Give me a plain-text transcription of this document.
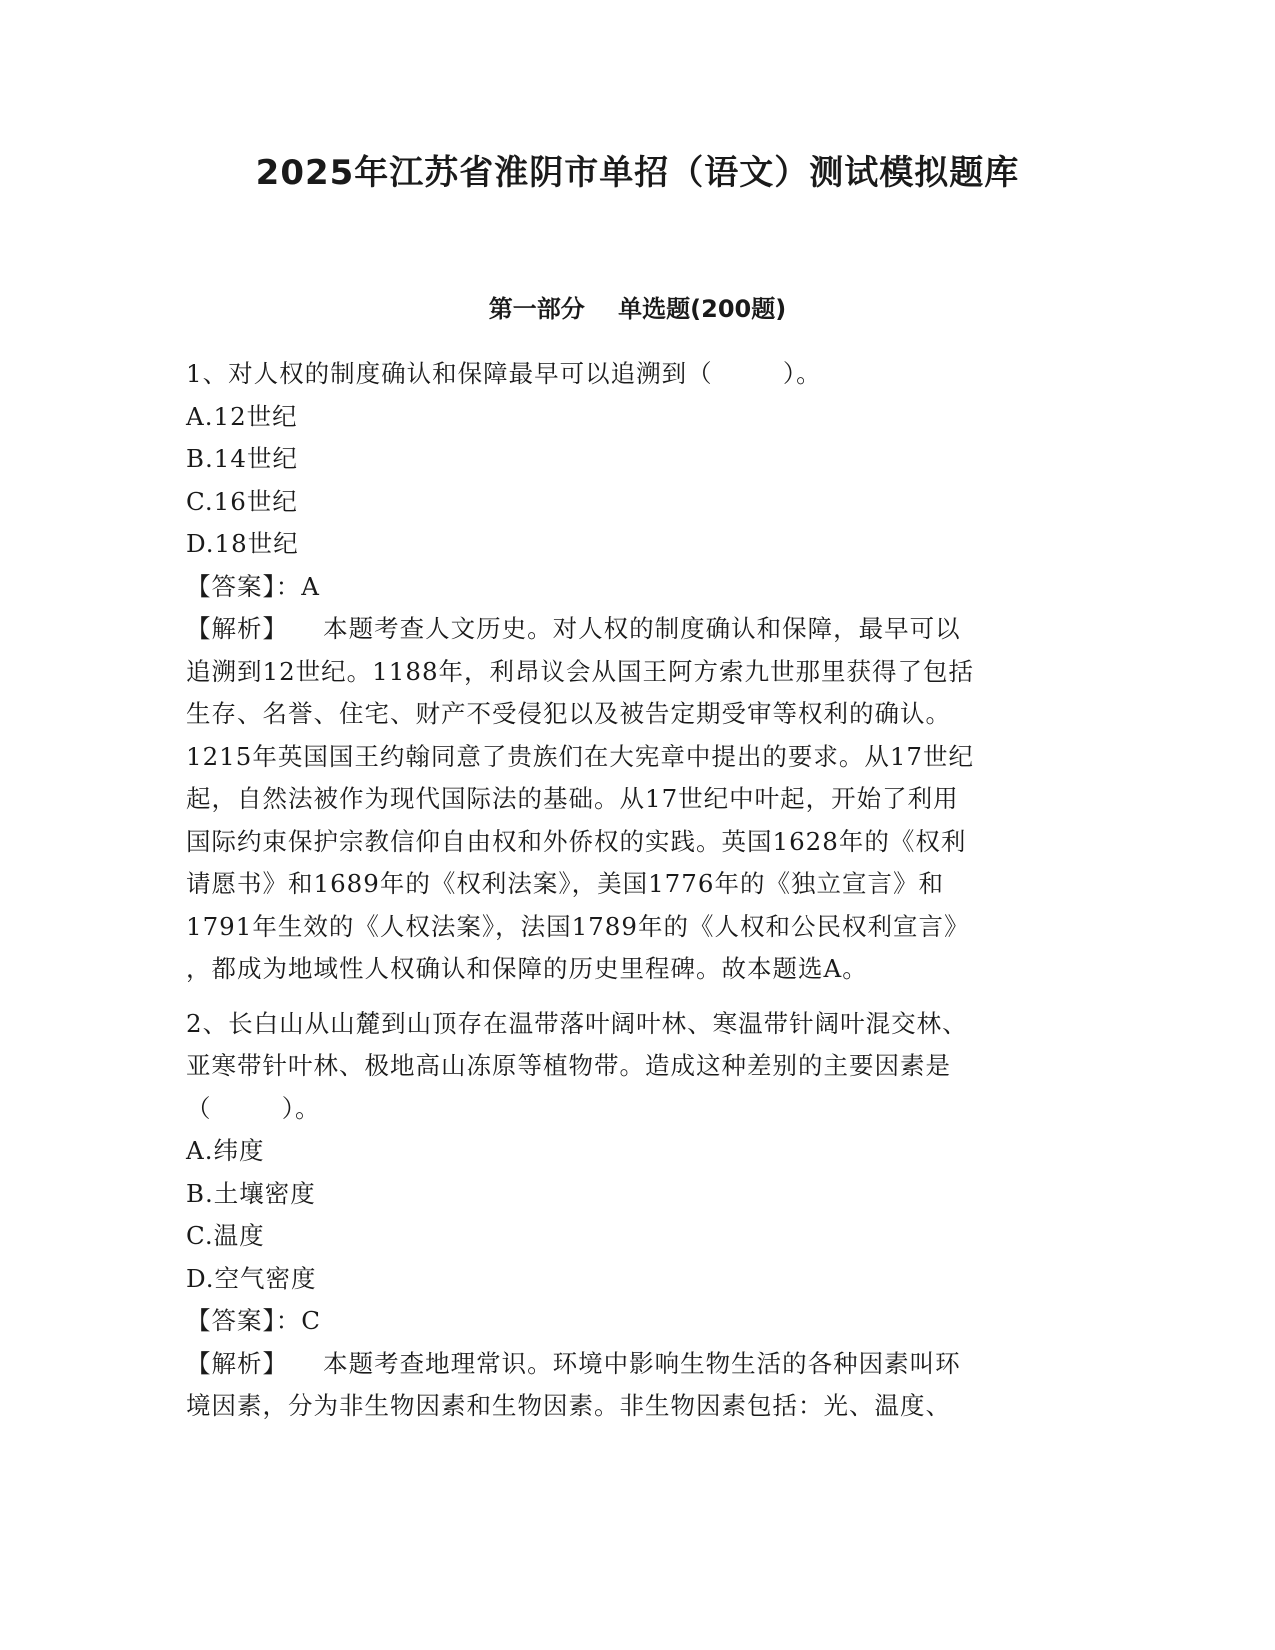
2025年江苏省淮阴市单招（语文）测试模拟题库
第一部分    单选题(200题)

1、对人权的制度确认和保障最早可以追溯到（        ）。

A.12世纪

B.14世纪

C.16世纪

D.18世纪

【答案】：A

【解析】    本题考查人文历史。对人权的制度确认和保障，最早可以
追溯到12世纪。1188年，利昂议会从国王阿方索九世那里获得了包括
生存、名誉、住宅、财产不受侵犯以及被告定期受审等权利的确认。
1215年英国国王约翰同意了贵族们在大宪章中提出的要求。从17世纪
起，自然法被作为现代国际法的基础。从17世纪中叶起，开始了利用
国际约束保护宗教信仰自由权和外侨权的实践。英国1628年的《权利
请愿书》和1689年的《权利法案》，美国1776年的《独立宣言》和
1791年生效的《人权法案》，法国1789年的《人权和公民权利宣言》
，都成为地域性人权确认和保障的历史里程碑。故本题选A。
2、长白山从山麓到山顶存在温带落叶阔叶林、寒温带针阔叶混交林、
亚寒带针叶林、极地高山冻原等植物带。造成这种差别的主要因素是
（        ）。

A.纬度

B.土壤密度

C.温度

D.空气密度

【答案】：C

【解析】    本题考查地理常识。环境中影响生物生活的各种因素叫环
境因素，分为非生物因素和生物因素。非生物因素包括：光、温度、
